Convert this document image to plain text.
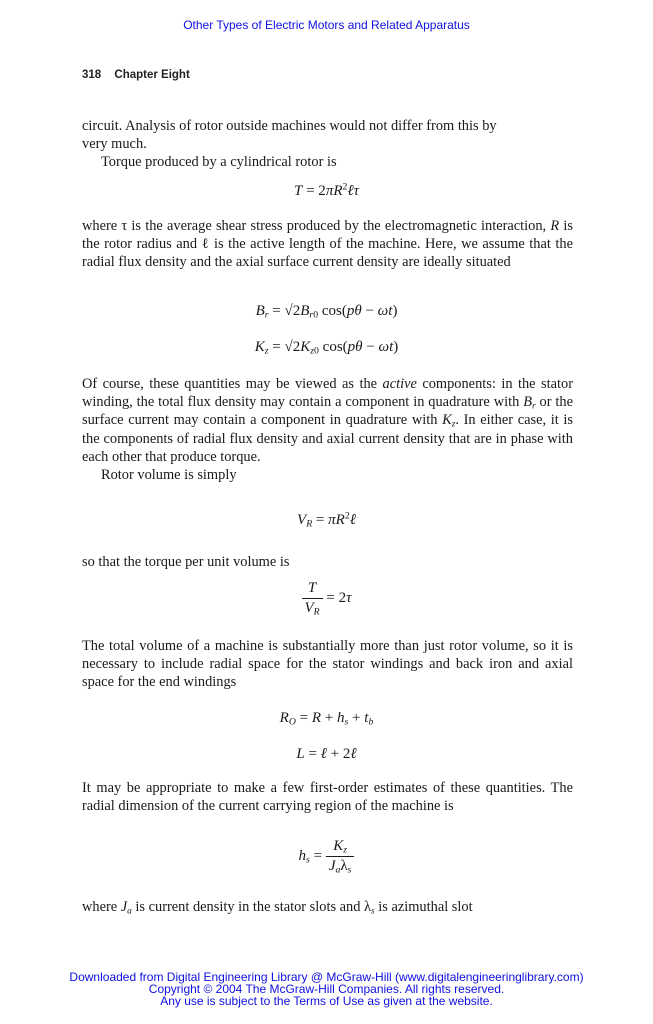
Other Types of Electric Motors and Related Apparatus
318 Chapter Eight
circuit. Analysis of rotor outside machines would not differ from this by
very much.
Torque produced by a cylindrical rotor is
$T = 2\pi R^2\ell\tau$
where τ is the average shear stress produced by the electromagnetic interaction, R is the rotor radius and ℓ is the active length of the machine. Here, we assume that the radial flux density and the axial surface current density are ideally situated
$B_r = √2B_{r0}$ cos(pθ − ωt)
$K_z = √2K_{z0}$ cos(pθ − ωt)
Of course, these quantities may be viewed as the active components: in the stator winding, the total flux density may contain a component in quadrature with $B_r$ or the surface current may contain a component in quadrature with $K_z$. In either case, it is the components of radial flux density and axial current density that are in phase with each other that produce torque.
Rotor volume is simply
$V_R$ = $\pi R^2\ell$
so that the torque per unit volume is
$\frac{T}{V_R} = 2\tau$
The total volume of a machine is substantially more than just rotor volume, so it is necessary to include radial space for the stator windings and back iron and axial space for the end windings
$R_O = R + h_s + t_b$
L = ℓ + 2ℓ
It may be appropriate to make a few first-order estimates of these quantities. The radial dimension of the current carrying region of the machine is
$h_s = \frac{K_z}{J_a\lambda_s}$
where $J_a$ is current density in the stator slots and $\lambda_s$ is azimuthal slot
Downloaded from Digital Engineering Library @ McGraw-Hill (www.digitalengineeringlibrary.com)
Copyright © 2004 The McGraw-Hill Companies. All rights reserved.
Any use is subject to the Terms of Use as given at the website.
